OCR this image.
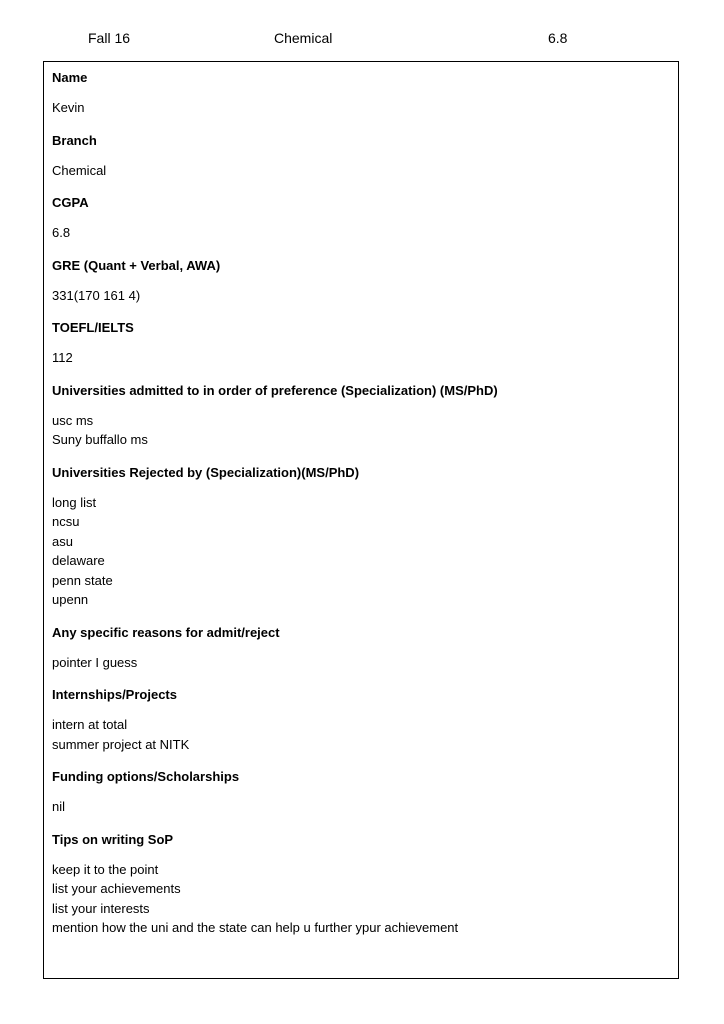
Fall 16	Chemical	6.8
Name
Kevin
Branch
Chemical
CGPA
6.8
GRE (Quant + Verbal, AWA)
331(170 161 4)
TOEFL/IELTS
112
Universities admitted to in order of preference (Specialization) (MS/PhD)
usc ms
Suny buffallo ms
Universities Rejected by (Specialization)(MS/PhD)
long list
ncsu
asu
delaware
penn state
upenn
Any specific reasons for admit/reject
pointer I guess
Internships/Projects
intern at total
summer project at NITK
Funding options/Scholarships
nil
Tips on writing SoP
keep it to the point
list your achievements
list your interests
mention how the uni and the state can help u further ypur achievement
